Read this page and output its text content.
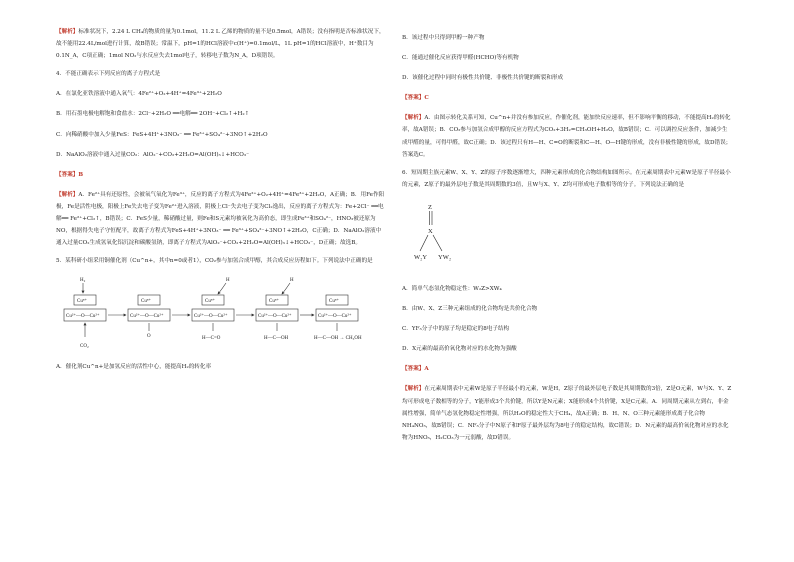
【解析】标准状况下，2.24 L CH₄的物质的量为0.1mol，11.2 L 乙烯的物质的量不是0.5mol，A错误；没有指明是否标准状况下，故不能用22.4L/mol进行计算，故B错误；常温下，pH=1的HCl溶液中c(H⁺)=0.1mol/L，1L pH=1的HCl溶液中，H⁺数目为0.1N_A，C项正确；1mol NO₂与水反应失去1mol电子，转移电子数为N_A，D项错误。

4．不能正确表示下列反应的离子方程式是

A．在氯化亚铁溶液中通入氧气：4Fe²⁺+O₂+4H⁺=4Fe³⁺+2H₂O

B．用石墨电极电解饱和食盐水：2Cl⁻+2H₂O ══电解══ 2OH⁻+Cl₂↑+H₂↑

C．向稀硝酸中加入少量FeS：FeS+4H⁺+3NO₃⁻ ══ Fe³⁺+SO₄²⁻+3NO↑+2H₂O

D．NaAlO₂溶液中通入过量CO₂：AlO₂⁻+CO₂+2H₂O=Al(OH)₃↓+HCO₃⁻

【答案】B

【解析】A．Fe²⁺具有还原性，会被氧气氧化为Fe³⁺，反应的离子方程式为4Fe²⁺+O₂+4H⁺=4Fe³⁺+2H₂O，A正确；B．用Fe作阳极，Fe是活性电极，阳极上Fe失去电子变为Fe²⁺进入溶液，阴极上Cl⁻失去电子变为Cl₂逸出，反应的离子方程式为：Fe+2Cl⁻ ══电解══ Fe²⁺+Cl₂↑，B错误；C．FeS少量，稀硝酸过量，则Fe和S元素均被氧化为高价态，即生成Fe³⁺和SO₄²⁻，HNO₃被还原为NO，根据得失电子守恒配平，故离子方程式为FeS+4H⁺+3NO₃⁻ ══ Fe³⁺+SO₄²⁻+3NO↑+2H₂O，C正确；D．NaAlO₂溶液中通入过量CO₂生成氢氧化铝沉淀和碳酸氢钠，即离子方程式为AlO₂⁻+CO₂+2H₂O=Al(OH)₃↓+HCO₃⁻，D正确；故选B。

5．某科研小组采用铜催化剂（Cu^n+，其中n=0或者1），CO₂参与加氢合成甲醇，其合成反应历程如下。下列说法中正确的是

H₂
Cuⁿ⁺
Cu²⁺—O—Cu²⁺
CO₂
Cuⁿ⁺
Cu²⁺—O—Cu²⁺
O
H
Cuⁿ⁺
Cu²⁺—O—Cu²⁺
H—C=O
H
Cuⁿ⁺
Cu²⁺—O—Cu²⁺
H—C—OH
Cuⁿ⁺
Cu²⁺—O—Cu²⁺
H—C—OH → CH₃OH

A．催化剂Cu^n+是加氢反应的活性中心，能提高H₂的转化率

B．该过程中只得到甲醇一种产物

C．能通过催化反应获得甲醛(HCHO)等有机物

D．该催化过程中同时有极性共价键、非极性共价键的断裂和形成

【答案】C

【解析】A．由图示转化关系可知，Cu^n+并没有参加反应，作催化剂，能加快反应速率，但不影响平衡的移动，不能提高H₂的转化率，故A错误；B．CO₂参与加氢合成甲醇的反应方程式为CO₂+3H₂=CH₃OH+H₂O，故B错误；C．可以调控反应条件，加减少生成甲醛的量，可得甲醛，故C正确；D．该过程只有H—H、C=O的断裂和C—H、O—H键的形成，没有非极性键的形成，故D错误；答案选C。

6．短周期主族元素W、X、Y、Z的原子序数逐渐增大，四种元素形成的化合物结构如图所示。在元素周期表中元素W是原子半径最小的元素，Z原子的最外层电子数是其周期数的3倍，且W与X、Y、Z均可形成电子数相等的分子。下列说法正确的是

Z
X
W₂Y YW₂

A．简单气态氢化物稳定性：W₂Z>XW₄

B．由W、X、Z三种元素组成的化合物均是共价化合物

C．YF₃分子中的原子均是稳定的8电子结构

D．X元素的最高价氧化物对应的水化物为强酸

【答案】A

【解析】在元素周期表中元素W是原子半径最小的元素，W是H，Z原子的最外层电子数是其周期数的3倍，Z是O元素，W与X、Y、Z均可形成电子数相等的分子，Y能形成3个共价键，所以Y是N元素；X能形成4个共价键，X是C元素。A．同周期元素从左到右，非金属性增强，简单气态氢化物稳定性增强，所以H₂O的稳定性大于CH₄，故A正确；B．H、N、O三种元素能形成离子化合物NH₄NO₃，故B错误；C．NF₃分子中N原子和F原子最外层均为8电子的稳定结构，故C错误；D．N元素的最高价氧化物对应的水化物为HNO₃，H₂CO₃为一元弱酸，故D错误。
